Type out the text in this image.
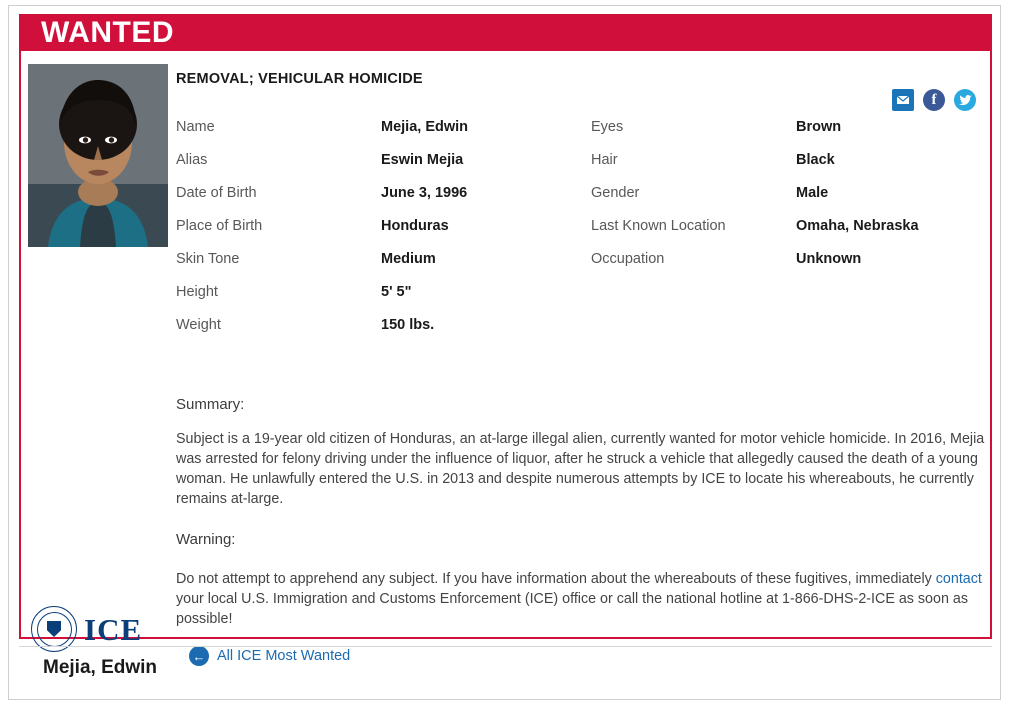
WANTED
REMOVAL; VEHICULAR HOMICIDE
f
Name	Mejia, Edwin
Alias	Eswin Mejia
Date of Birth	June 3, 1996
Place of Birth	Honduras
Skin Tone	Medium
Height	5' 5"
Weight	150 lbs.
Eyes	Brown
Hair	Black
Gender	Male
Last Known Location	Omaha, Nebraska
Occupation	Unknown
Summary:
Subject is a 19-year old citizen of Honduras, an at-large illegal alien, currently wanted for motor vehicle homicide. In 2016, Mejia was arrested for felony driving under the influence of liquor, after he struck a vehicle that allegedly caused the death of a young woman. He unlawfully entered the U.S. in 2013 and despite numerous attempts by ICE to locate his whereabouts, he currently remains at-large.
Warning:
Do not attempt to apprehend any subject. If you have information about the whereabouts of these fugitives, immediately contact your local U.S. Immigration and Customs Enforcement (ICE) office or call the national hotline at 1-866-DHS-2-ICE as soon as possible!
ICE
← All ICE Most Wanted
Mejia, Edwin
